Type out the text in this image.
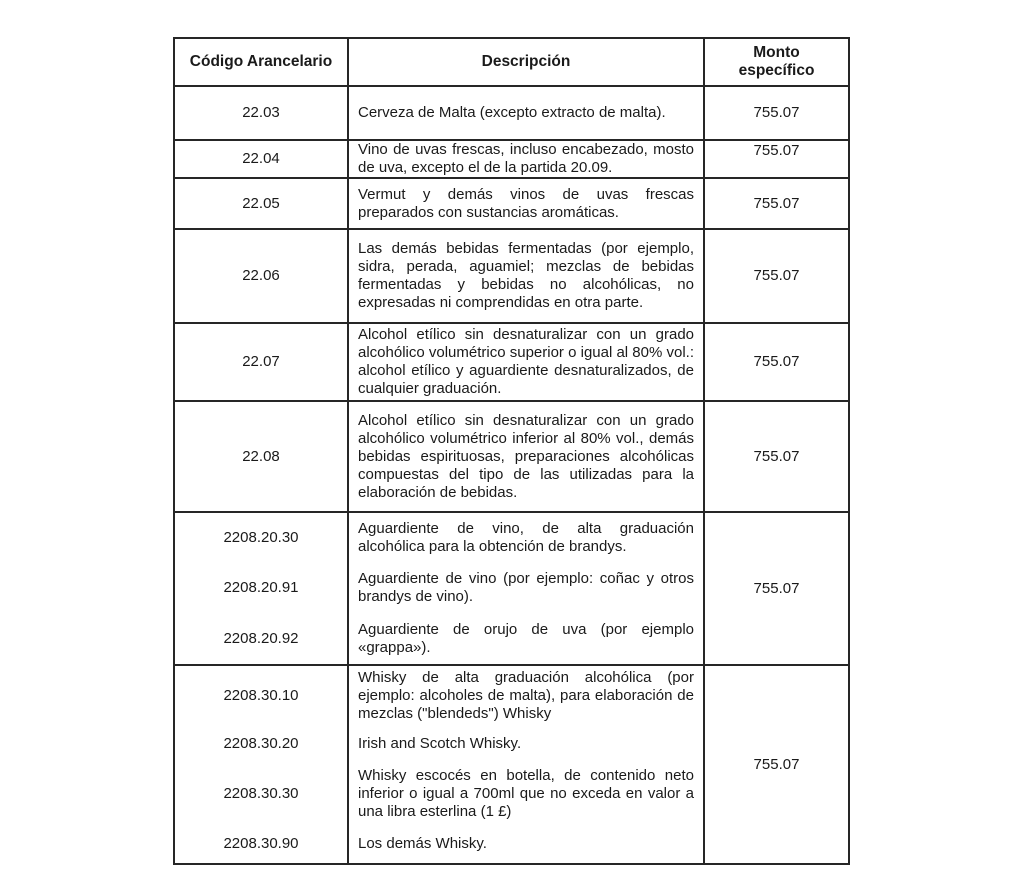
Código Arancelario	Descripción	Monto específico
22.03	Cerveza de Malta (excepto extracto de malta).	755.07
22.04	Vino de uvas frescas, incluso encabezado, mosto de uva, excepto el de la partida 20.09.	755.07
22.05	Vermut y demás vinos de uvas frescas preparados con sustancias aromáticas.	755.07
22.06	Las demás bebidas fermentadas (por ejemplo, sidra, perada, aguamiel; mezclas de bebidas fermentadas y bebidas no alcohólicas, no expresadas ni comprendidas en otra parte.	755.07
22.07	Alcohol etílico sin desnaturalizar con un grado alcohólico volumétrico superior o igual al 80% vol.: alcohol etílico y aguardiente desnaturalizados, de cualquier graduación.	755.07
22.08	Alcohol etílico sin desnaturalizar con un grado alcohólico volumétrico inferior al 80% vol., demás bebidas espirituosas, preparaciones alcohólicas compuestas del tipo de las utilizadas para la elaboración de bebidas.	755.07
2208.20.30	Aguardiente de vino, de alta graduación alcohólica para la obtención de brandys.	755.07
2208.20.91	Aguardiente de vino (por ejemplo: coñac y otros brandys de vino).	

2208.20.92	Aguardiente de orujo de uva (por ejemplo «grappa»).	

2208.30.10	Whisky de alta graduación alcohólica (por ejemplo: alcoholes de malta), para elaboración de mezclas ("blendeds") Whisky	755.07
2208.30.20	Irish and Scotch Whisky.	

2208.30.30	Whisky escocés en botella, de contenido neto inferior o igual a 700ml que no exceda en valor a una libra esterlina (1 £)	

2208.30.90	Los demás Whisky.	
